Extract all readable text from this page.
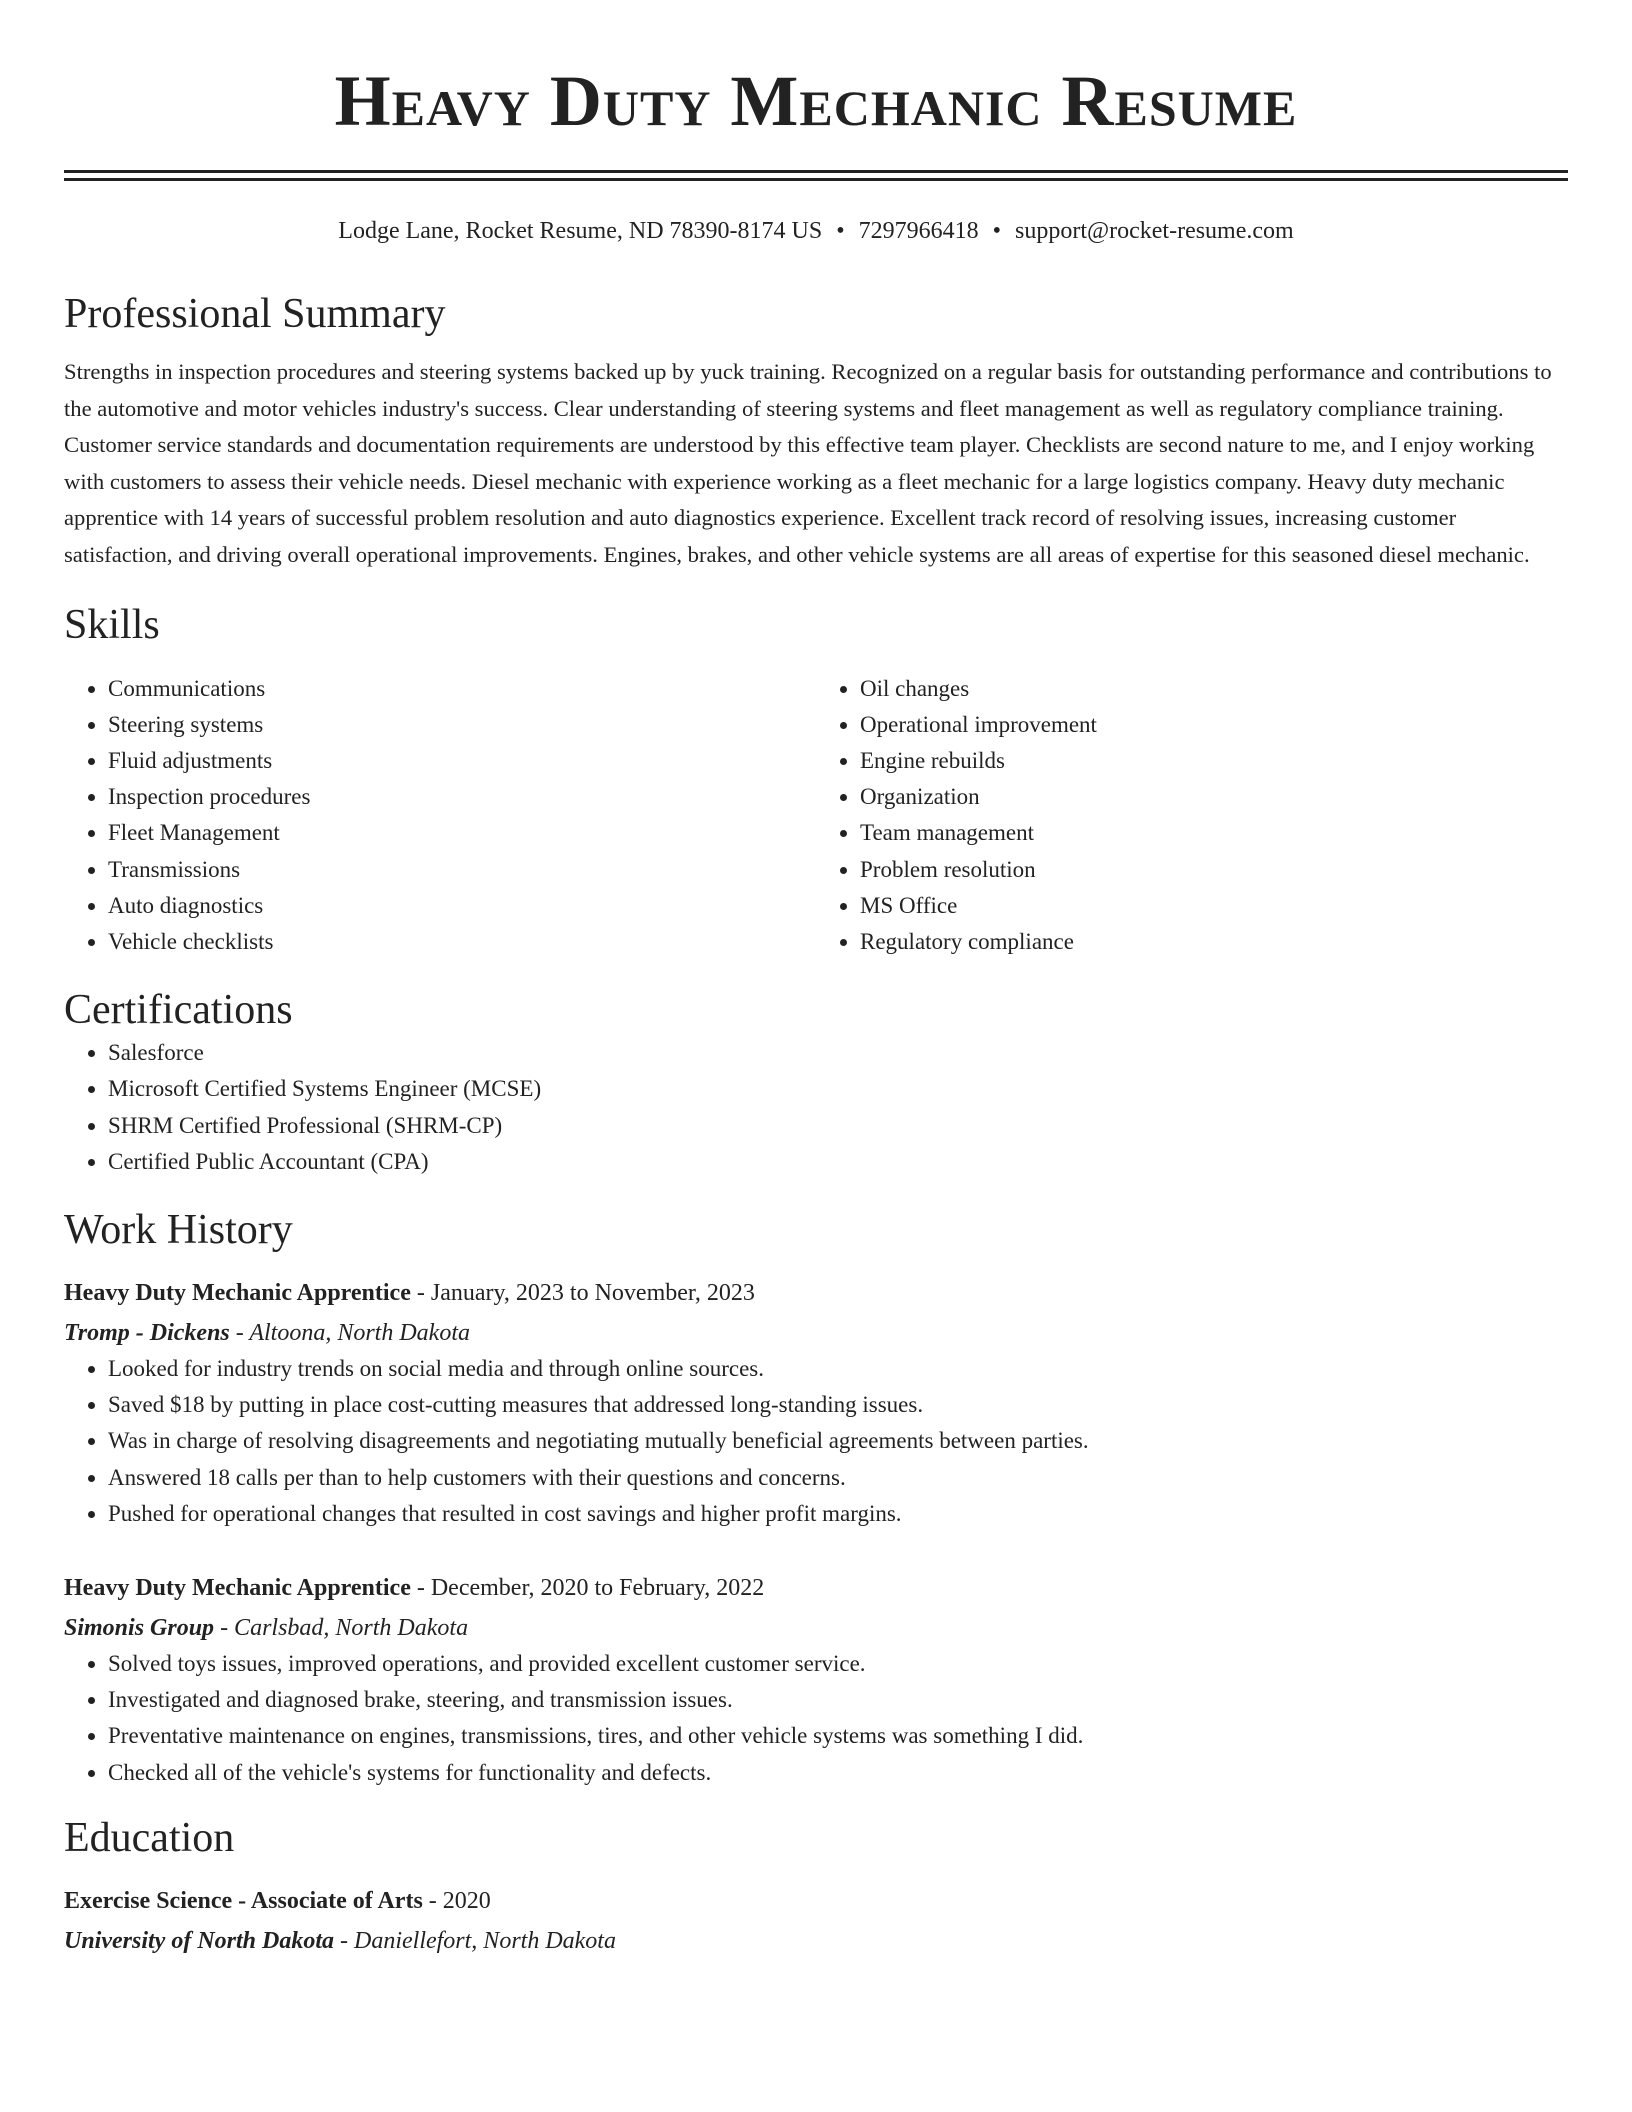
Heavy Duty Mechanic Resume
Lodge Lane, Rocket Resume, ND 78390-8174 US • 7297966418 • support@rocket-resume.com
Professional Summary

Strengths in inspection procedures and steering systems backed up by yuck training. Recognized on a regular basis for outstanding performance and contributions to the automotive and motor vehicles industry's success. Clear understanding of steering systems and fleet management as well as regulatory compliance training. Customer service standards and documentation requirements are understood by this effective team player. Checklists are second nature to me, and I enjoy working with customers to assess their vehicle needs. Diesel mechanic with experience working as a fleet mechanic for a large logistics company. Heavy duty mechanic apprentice with 14 years of successful problem resolution and auto diagnostics experience. Excellent track record of resolving issues, increasing customer satisfaction, and driving overall operational improvements. Engines, brakes, and other vehicle systems are all areas of expertise for this seasoned diesel mechanic.

Skills
• Communications
• Steering systems
• Fluid adjustments
• Inspection procedures
• Fleet Management
• Transmissions
• Auto diagnostics
• Vehicle checklists
• Oil changes
• Operational improvement
• Engine rebuilds
• Organization
• Team management
• Problem resolution
• MS Office
• Regulatory compliance
Certifications
• Salesforce
• Microsoft Certified Systems Engineer (MCSE)
• SHRM Certified Professional (SHRM-CP)
• Certified Public Accountant (CPA)
Work History
Heavy Duty Mechanic Apprentice - January, 2023 to November, 2023
Tromp - Dickens - Altoona, North Dakota
• Looked for industry trends on social media and through online sources.
• Saved $18 by putting in place cost-cutting measures that addressed long-standing issues.
• Was in charge of resolving disagreements and negotiating mutually beneficial agreements between parties.
• Answered 18 calls per than to help customers with their questions and concerns.
• Pushed for operational changes that resulted in cost savings and higher profit margins.
Heavy Duty Mechanic Apprentice - December, 2020 to February, 2022
Simonis Group - Carlsbad, North Dakota
• Solved toys issues, improved operations, and provided excellent customer service.
• Investigated and diagnosed brake, steering, and transmission issues.
• Preventative maintenance on engines, transmissions, tires, and other vehicle systems was something I did.
• Checked all of the vehicle's systems for functionality and defects.
Education
Exercise Science - Associate of Arts - 2020
University of North Dakota - Daniellefort, North Dakota
